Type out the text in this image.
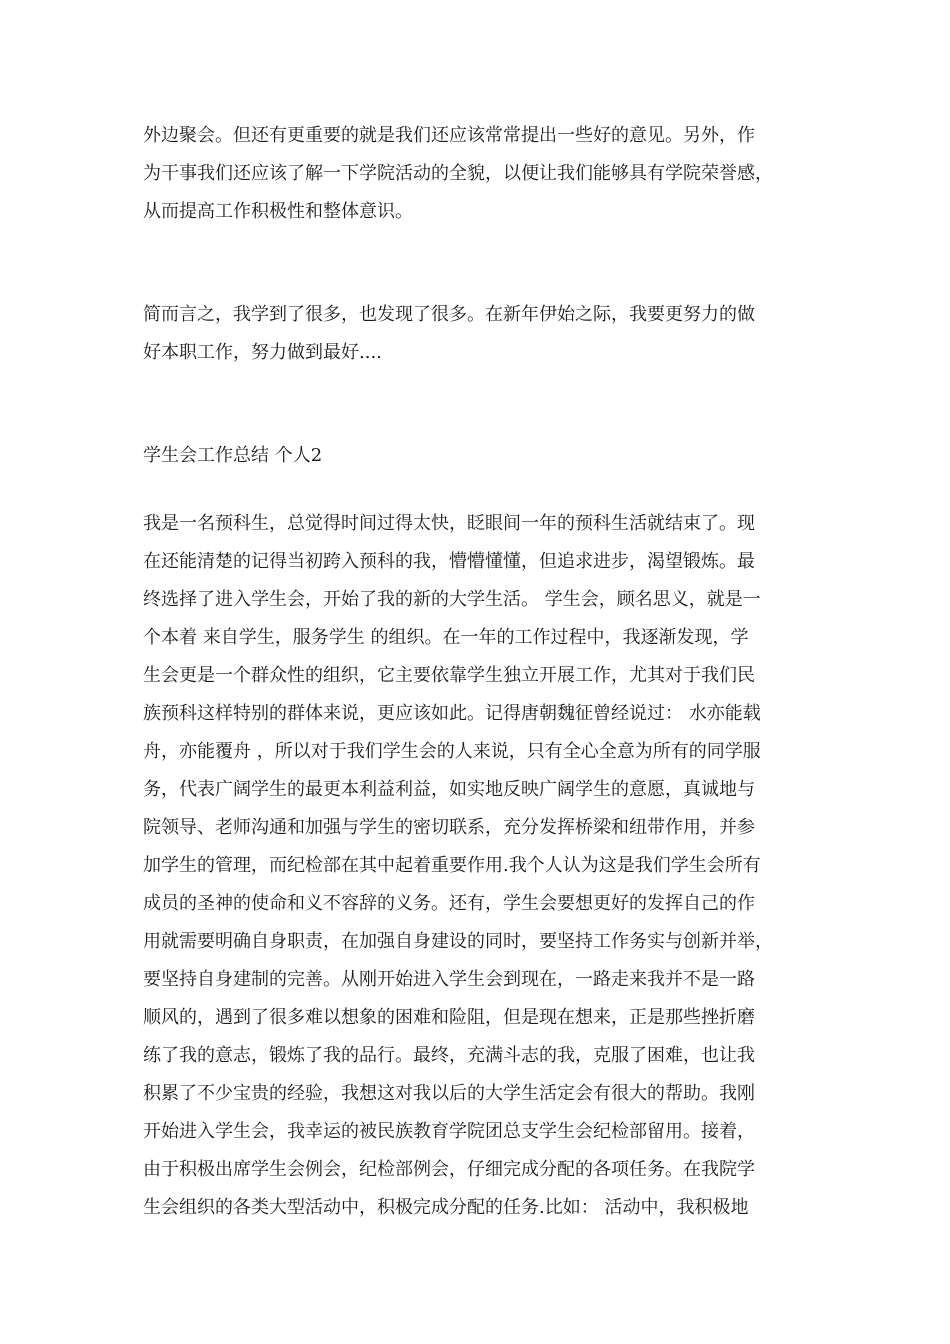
外边聚会。但还有更重要的就是我们还应该常常提出一些好的意见。另外，作
为干事我们还应该了解一下学院活动的全貌，以便让我们能够具有学院荣誉感，
从而提高工作积极性和整体意识。
简而言之，我学到了很多，也发现了很多。在新年伊始之际，我要更努力的做
好本职工作，努力做到最好....
学生会工作总结 个人2
我是一名预科生，总觉得时间过得太快，眨眼间一年的预科生活就结束了。现
在还能清楚的记得当初跨入预科的我，懵懵懂懂，但追求进步，渴望锻炼。最
终选择了进入学生会，开始了我的新的大学生活。 学生会，顾名思义，就是一
个本着 来自学生，服务学生 的组织。在一年的工作过程中，我逐渐发现，学
生会更是一个群众性的组织，它主要依靠学生独立开展工作，尤其对于我们民
族预科这样特别的群体来说，更应该如此。记得唐朝魏征曾经说过： 水亦能载
舟，亦能覆舟 ，所以对于我们学生会的人来说，只有全心全意为所有的同学服
务，代表广阔学生的最更本利益利益，如实地反映广阔学生的意愿，真诚地与
院领导、老师沟通和加强与学生的密切联系，充分发挥桥梁和纽带作用，并参
加学生的管理，而纪检部在其中起着重要作用.我个人认为这是我们学生会所有
成员的圣神的使命和义不容辞的义务。还有，学生会要想更好的发挥自己的作
用就需要明确自身职责，在加强自身建设的同时，要坚持工作务实与创新并举，
要坚持自身建制的完善。从刚开始进入学生会到现在，一路走来我并不是一路
顺风的，遇到了很多难以想象的困难和险阻，但是现在想来，正是那些挫折磨
练了我的意志，锻炼了我的品行。最终，充满斗志的我，克服了困难，也让我
积累了不少宝贵的经验，我想这对我以后的大学生活定会有很大的帮助。我刚
开始进入学生会，我幸运的被民族教育学院团总支学生会纪检部留用。接着，
由于积极出席学生会例会，纪检部例会，仔细完成分配的各项任务。在我院学
生会组织的各类大型活动中，积极完成分配的任务.比如： 活动中，我积极地
